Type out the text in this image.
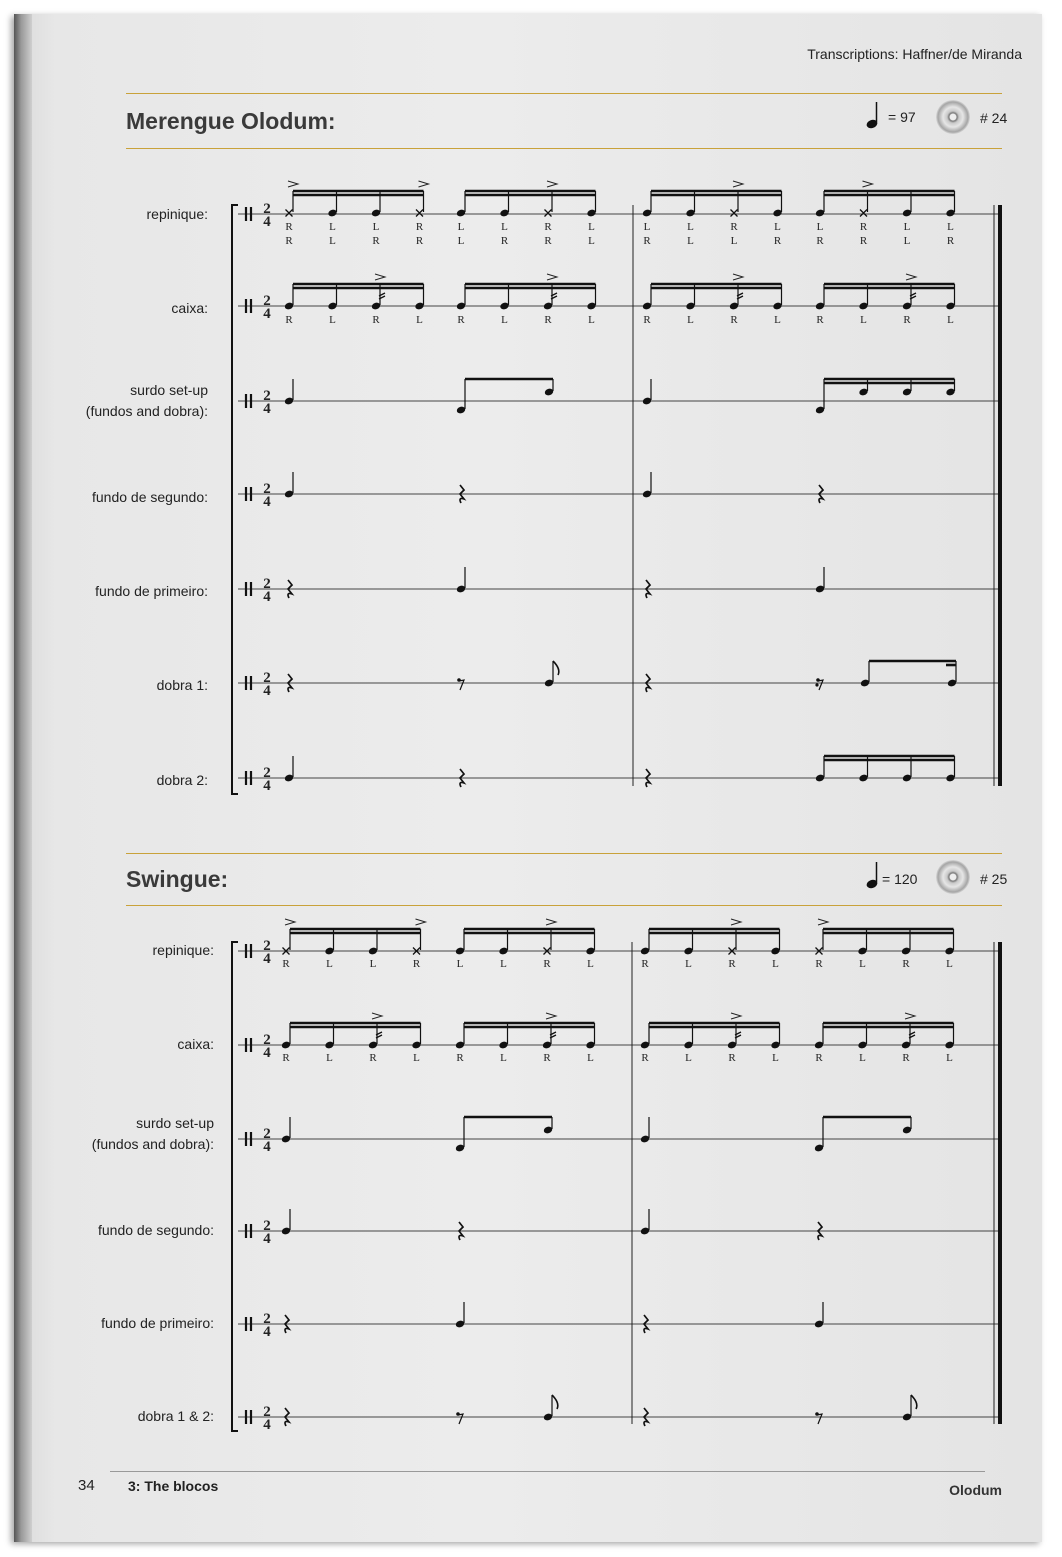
Transcriptions: Haffner/de Miranda
Merengue Olodum:	= 97	# 24
Swingue:	= 120	# 25
repinique:
caixa:
surdo set-up
(fundos and dobra):
fundo de segundo:
fundo de primeiro:
dobra 1:
dobra 2:
repinique:
caixa:
surdo set-up
(fundos and dobra):
fundo de segundo:
fundo de primeiro:
dobra 1 & 2:
2
4
2
4
2
4
2
4
2
4
2
4
2
4
R	L	L	R	L	L	R	L	L	L	R	L	L	R	L	L
R	L	R	R	L	R	R	L	R	L	L	R	R	R	L	R
R	L	R	L	R	L	R	L	R	L	R	L	R	L	R	L
2
4
2
4
2
4
2
4
2
4
2
4
R	L	L	R	L	L	R	L	R	L	R	L	R	L	R	L
R	L	R	L	R	L	R	L	R	L	R	L	R	L	R	L
34 3: The blocos	Olodum
